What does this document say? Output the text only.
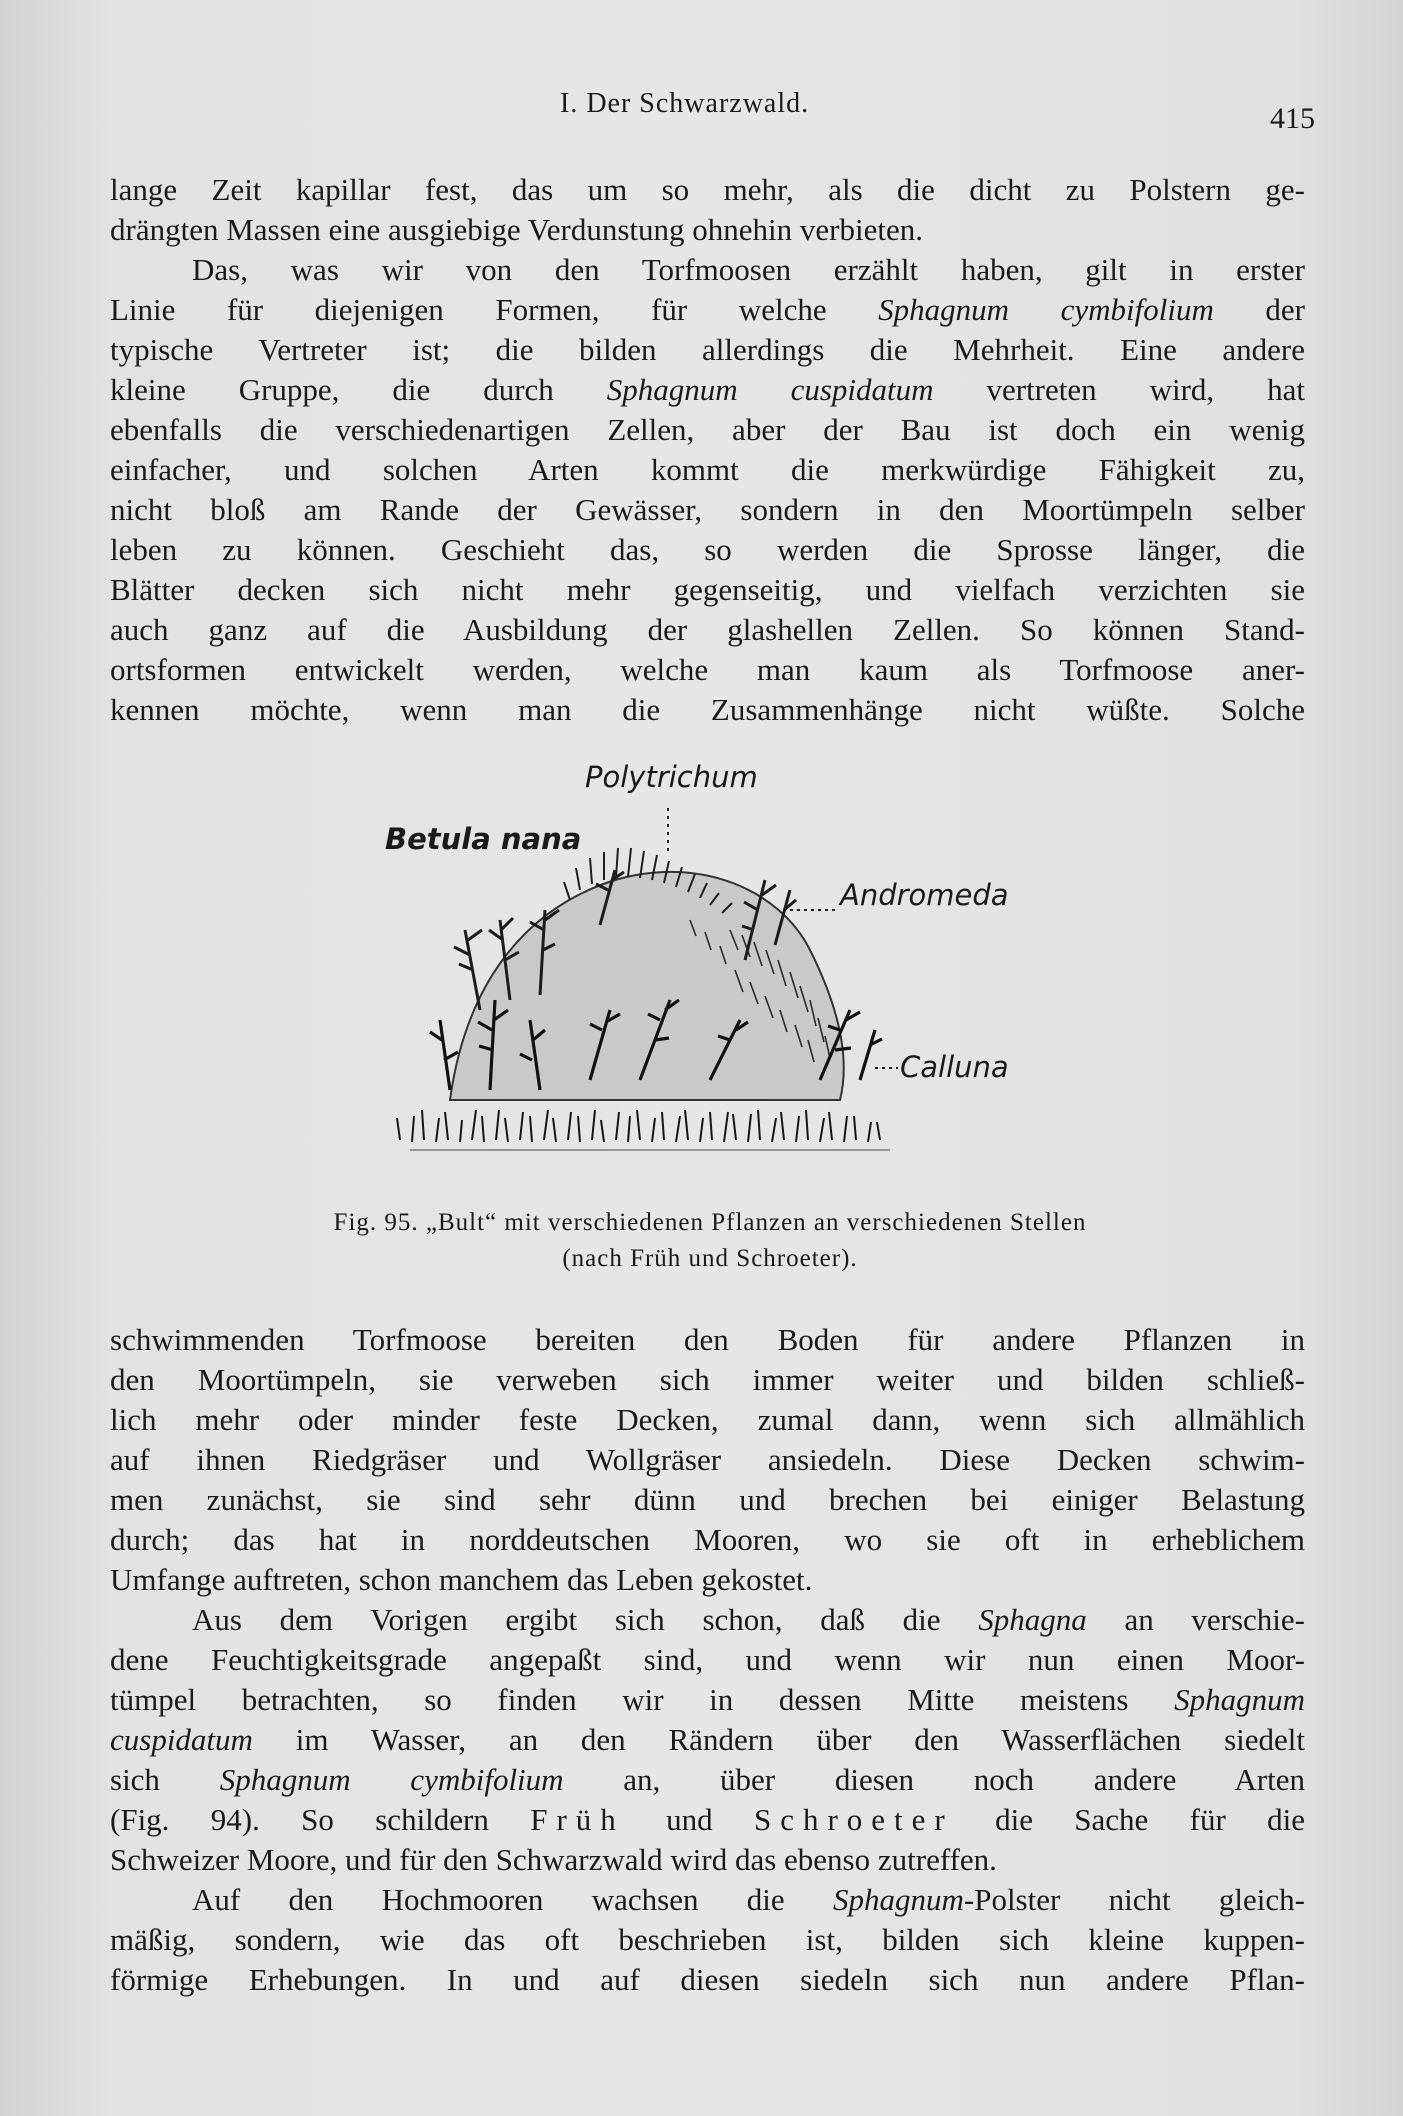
I. Der Schwarzwald.	415
lange Zeit kapillar fest, das um so mehr, als die dicht zu Polstern ge-
drängten Massen eine ausgiebige Verdunstung ohnehin verbieten.
Das, was wir von den Torfmoosen erzählt haben, gilt in erster
Linie für diejenigen Formen, für welche Sphagnum cymbifolium der
typische Vertreter ist; die bilden allerdings die Mehrheit. Eine andere
kleine Gruppe, die durch Sphagnum cuspidatum vertreten wird, hat
ebenfalls die verschiedenartigen Zellen, aber der Bau ist doch ein wenig
einfacher, und solchen Arten kommt die merkwürdige Fähigkeit zu,
nicht bloß am Rande der Gewässer, sondern in den Moortümpeln selber
leben zu können. Geschieht das, so werden die Sprosse länger, die
Blätter decken sich nicht mehr gegenseitig, und vielfach verzichten sie
auch ganz auf die Ausbildung der glashellen Zellen. So können Stand-
ortsformen entwickelt werden, welche man kaum als Torfmoose aner-
kennen möchte, wenn man die Zusammenhänge nicht wüßte. Solche
Polytrichum
Betula nana
Andromeda
Calluna
Fig. 95. „Bult“ mit verschiedenen Pflanzen an verschiedenen Stellen
(nach Früh und Schroeter).
schwimmenden Torfmoose bereiten den Boden für andere Pflanzen in
den Moortümpeln, sie verweben sich immer weiter und bilden schließ-
lich mehr oder minder feste Decken, zumal dann, wenn sich allmählich
auf ihnen Riedgräser und Wollgräser ansiedeln. Diese Decken schwim-
men zunächst, sie sind sehr dünn und brechen bei einiger Belastung
durch; das hat in norddeutschen Mooren, wo sie oft in erheblichem
Umfange auftreten, schon manchem das Leben gekostet.
Aus dem Vorigen ergibt sich schon, daß die Sphagna an verschie-
dene Feuchtigkeitsgrade angepaßt sind, und wenn wir nun einen Moor-
tümpel betrachten, so finden wir in dessen Mitte meistens Sphagnum
cuspidatum im Wasser, an den Rändern über den Wasserflächen siedelt
sich Sphagnum cymbifolium an, über diesen noch andere Arten
(Fig. 94). So schildern Früh und Schroeter die Sache für die
Schweizer Moore, und für den Schwarzwald wird das ebenso zutreffen.
Auf den Hochmooren wachsen die Sphagnum-Polster nicht gleich-
mäßig, sondern, wie das oft beschrieben ist, bilden sich kleine kuppen-
förmige Erhebungen. In und auf diesen siedeln sich nun andere Pflan-
